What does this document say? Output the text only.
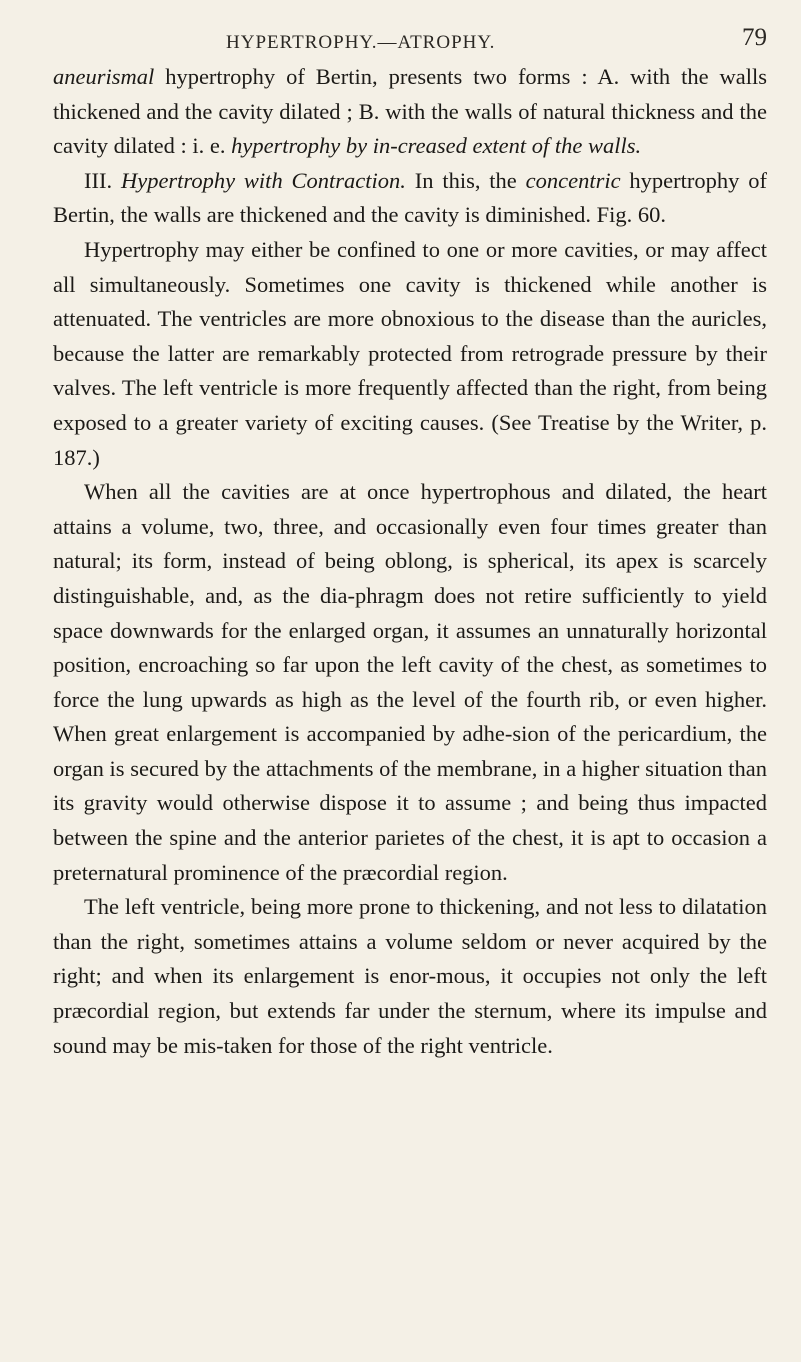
HYPERTROPHY.—ATROPHY.	79

aneurismal hypertrophy of Bertin, presents two forms : A. with the walls thickened and the cavity dilated ; B. with the walls of natural thickness and the cavity dilated : i. e. hypertrophy by in-creased extent of the walls.

III. Hypertrophy with Contraction. In this, the concentric hypertrophy of Bertin, the walls are thickened and the cavity is diminished. Fig. 60.

Hypertrophy may either be confined to one or more cavities, or may affect all simultaneously. Sometimes one cavity is thickened while another is attenuated. The ventricles are more obnoxious to the disease than the auricles, because the latter are remarkably protected from retrograde pressure by their valves. The left ventricle is more frequently affected than the right, from being exposed to a greater variety of exciting causes. (See Treatise by the Writer, p. 187.)

When all the cavities are at once hypertrophous and dilated, the heart attains a volume, two, three, and occasionally even four times greater than natural; its form, instead of being oblong, is spherical, its apex is scarcely distinguishable, and, as the dia-phragm does not retire sufficiently to yield space downwards for the enlarged organ, it assumes an unnaturally horizontal position, encroaching so far upon the left cavity of the chest, as sometimes to force the lung upwards as high as the level of the fourth rib, or even higher. When great enlargement is accompanied by adhe-sion of the pericardium, the organ is secured by the attachments of the membrane, in a higher situation than its gravity would otherwise dispose it to assume ; and being thus impacted between the spine and the anterior parietes of the chest, it is apt to occasion a preternatural prominence of the præcordial region.

The left ventricle, being more prone to thickening, and not less to dilatation than the right, sometimes attains a volume seldom or never acquired by the right; and when its enlargement is enor-mous, it occupies not only the left præcordial region, but extends far under the sternum, where its impulse and sound may be mis-taken for those of the right ventricle.
